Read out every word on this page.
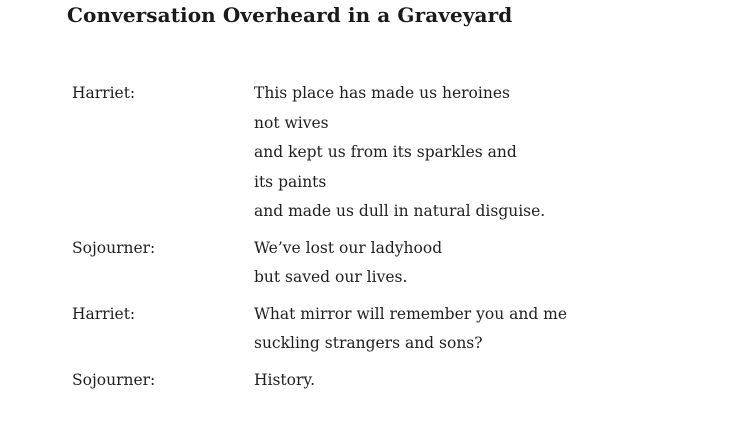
Conversation Overheard in a Graveyard
Harriet:	This place has made us heroines
not wives
and kept us from its sparkles and
its paints
and made us dull in natural disguise.
Sojourner:	We’ve lost our ladyhood
but saved our lives.
Harriet:	What mirror will remember you and me
suckling strangers and sons?
Sojourner:	History.
